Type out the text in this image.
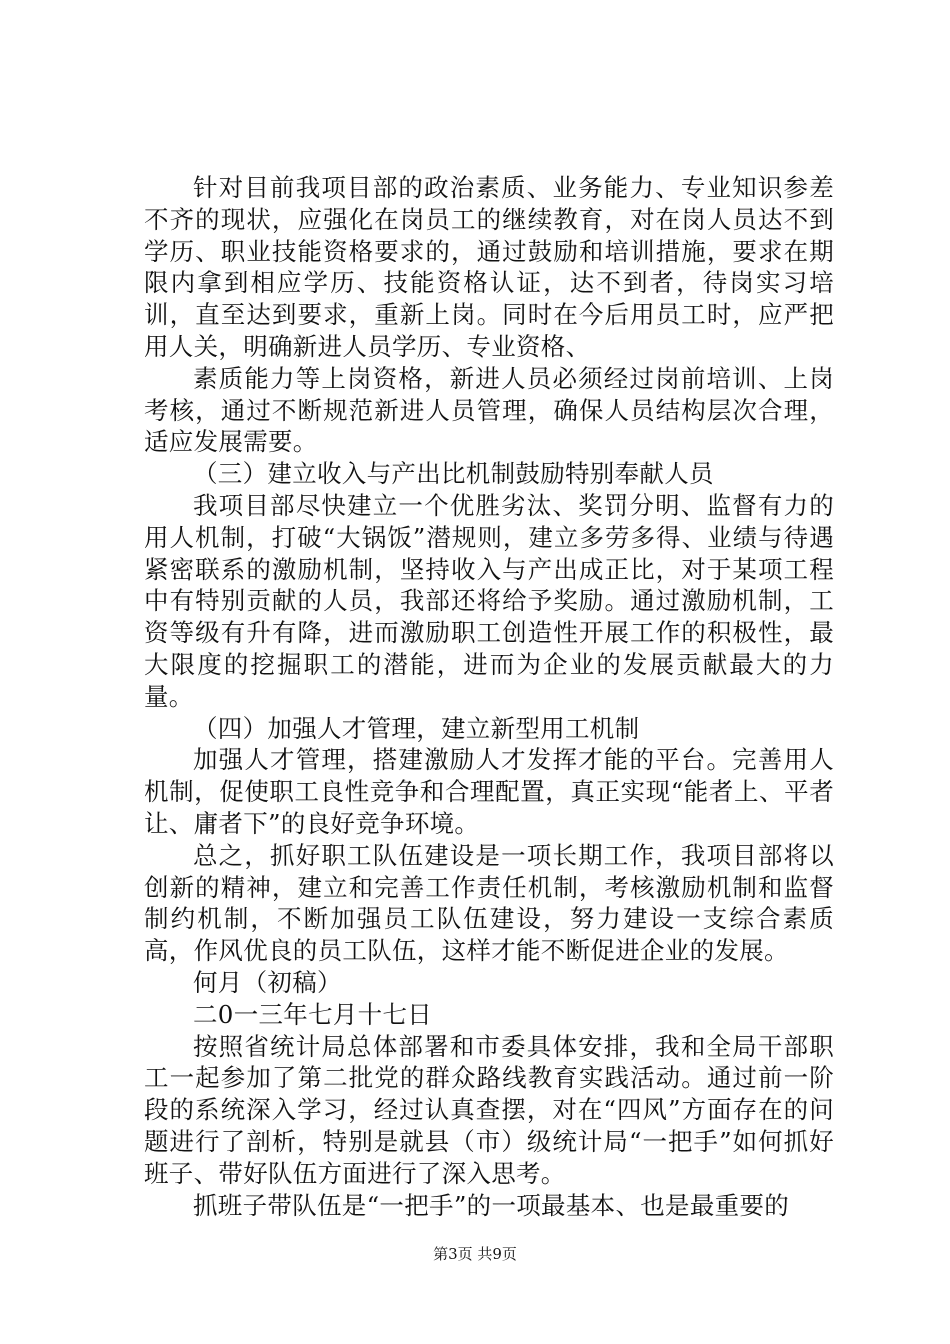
针对目前我项目部的政治素质、业务能力、专业知识参差不齐的现状，应强化在岗员工的继续教育，对在岗人员达不到学历、职业技能资格要求的，通过鼓励和培训措施，要求在期限内拿到相应学历、技能资格认证，达不到者，待岗实习培训，直至达到要求，重新上岗。同时在今后用员工时，应严把用人关，明确新进人员学历、专业资格、

素质能力等上岗资格，新进人员必须经过岗前培训、上岗考核，通过不断规范新进人员管理，确保人员结构层次合理，适应发展需要。

（三）建立收入与产出比机制鼓励特别奉献人员

我项目部尽快建立一个优胜劣汰、奖罚分明、监督有力的用人机制，打破“大锅饭”潜规则，建立多劳多得、业绩与待遇紧密联系的激励机制，坚持收入与产出成正比，对于某项工程中有特别贡献的人员，我部还将给予奖励。通过激励机制，工资等级有升有降，进而激励职工创造性开展工作的积极性，最大限度的挖掘职工的潜能，进而为企业的发展贡献最大的力量。

（四）加强人才管理，建立新型用工机制

加强人才管理，搭建激励人才发挥才能的平台。完善用人机制，促使职工良性竞争和合理配置，真正实现“能者上、平者让、庸者下”的良好竞争环境。

总之，抓好职工队伍建设是一项长期工作，我项目部将以创新的精神，建立和完善工作责任机制，考核激励机制和监督制约机制，不断加强员工队伍建设，努力建设一支综合素质高，作风优良的员工队伍，这样才能不断促进企业的发展。

何月（初稿）

二0一三年七月十七日

按照省统计局总体部署和市委具体安排，我和全局干部职工一起参加了第二批党的群众路线教育实践活动。通过前一阶段的系统深入学习，经过认真查摆，对在“四风”方面存在的问题进行了剖析，特别是就县（市）级统计局“一把手”如何抓好班子、带好队伍方面进行了深入思考。

抓班子带队伍是“一把手”的一项最基本、也是最重要的

第3页 共9页
